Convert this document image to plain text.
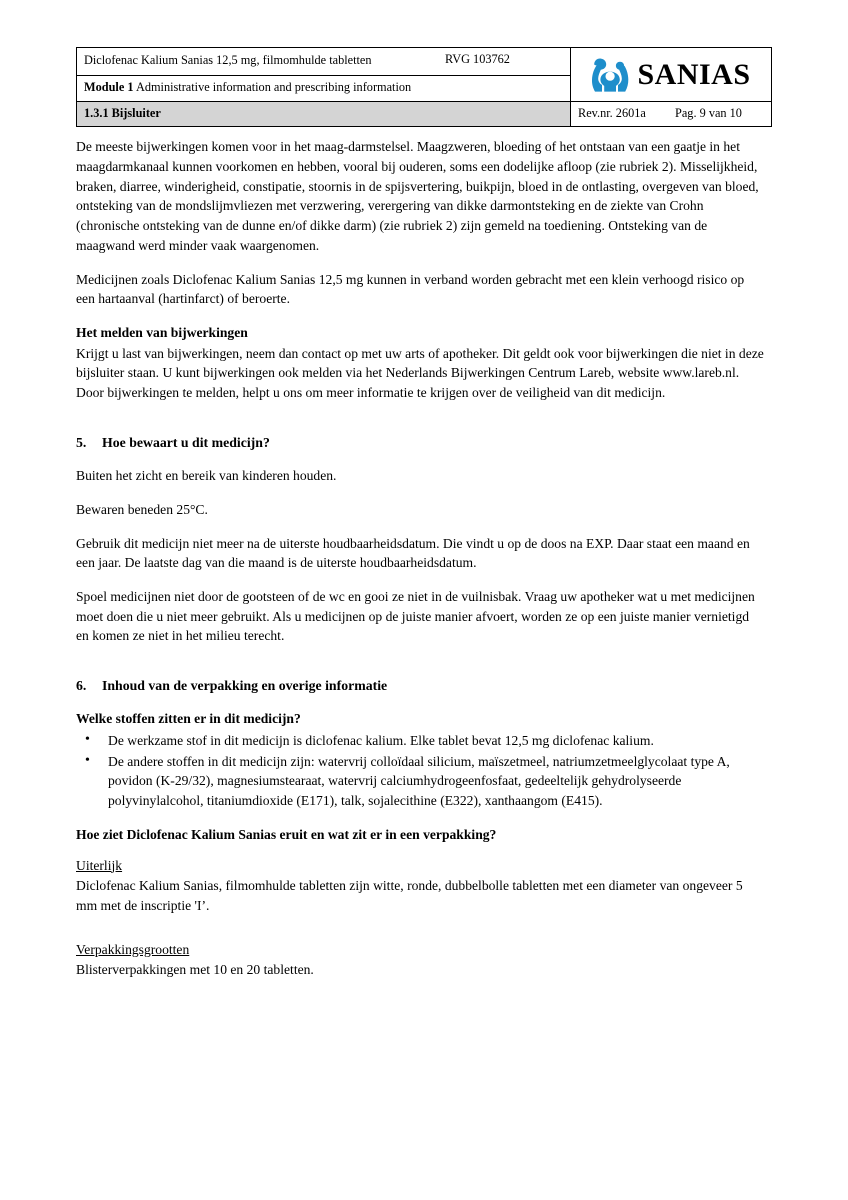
Diclofenac Kalium Sanias 12,5 mg, filmomhulde tabletten RVG 103762	SANIAS

Module 1 Administrative information and prescribing information	
1.3.1 Bijsluiter	Rev.nr. 2601a Pag. 9 van 10

De meeste bijwerkingen komen voor in het maag-darmstelsel. Maagzweren, bloeding of het ontstaan van een gaatje in het maagdarmkanaal kunnen voorkomen en hebben, vooral bij ouderen, soms een dodelijke afloop (zie rubriek 2). Misselijkheid, braken, diarree, winderigheid, constipatie, stoornis in de spijsvertering, buikpijn, bloed in de ontlasting, overgeven van bloed, ontsteking van de mondslijmvliezen met verzwering, verergering van dikke darmontsteking en de ziekte van Crohn (chronische ontsteking van de dunne en/of dikke darm) (zie rubriek 2) zijn gemeld na toediening. Ontsteking van de maagwand werd minder vaak waargenomen.

Medicijnen zoals Diclofenac Kalium Sanias 12,5 mg kunnen in verband worden gebracht met een klein verhoogd risico op een hartaanval (hartinfarct) of beroerte.

Het melden van bijwerkingen

Krijgt u last van bijwerkingen, neem dan contact op met uw arts of apotheker. Dit geldt ook voor bijwerkingen die niet in deze bijsluiter staan. U kunt bijwerkingen ook melden via het Nederlands Bijwerkingen Centrum Lareb, website www.lareb.nl. Door bijwerkingen te melden, helpt u ons om meer informatie te krijgen over de veiligheid van dit medicijn.

5. Hoe bewaart u dit medicijn?

Buiten het zicht en bereik van kinderen houden.

Bewaren beneden 25°C.

Gebruik dit medicijn niet meer na de uiterste houdbaarheidsdatum. Die vindt u op de doos na EXP. Daar staat een maand en een jaar. De laatste dag van die maand is de uiterste houdbaarheidsdatum.

Spoel medicijnen niet door de gootsteen of de wc en gooi ze niet in de vuilnisbak. Vraag uw apotheker wat u met medicijnen moet doen die u niet meer gebruikt. Als u medicijnen op de juiste manier afvoert, worden ze op een juiste manier vernietigd en komen ze niet in het milieu terecht.

6. Inhoud van de verpakking en overige informatie
Welke stoffen zitten er in dit medicijn?
• De werkzame stof in dit medicijn is diclofenac kalium. Elke tablet bevat 12,5 mg diclofenac kalium.
• De andere stoffen in dit medicijn zijn: watervrij colloïdaal silicium, maïszetmeel, natriumzetmeelglycolaat type A, povidon (K-29/32), magnesiumstearaat, watervrij calciumhydrogeenfosfaat, gedeeltelijk gehydrolyseerde polyvinylalcohol, titaniumdioxide (E171), talk, sojalecithine (E322), xanthaangom (E415).
Hoe ziet Diclofenac Kalium Sanias eruit en wat zit er in een verpakking?
Uiterlijk

Diclofenac Kalium Sanias, filmomhulde tabletten zijn witte, ronde, dubbelbolle tabletten met een diameter van ongeveer 5 mm met de inscriptie 'I’.

Verpakkingsgrootten

Blisterverpakkingen met 10 en 20 tabletten.
